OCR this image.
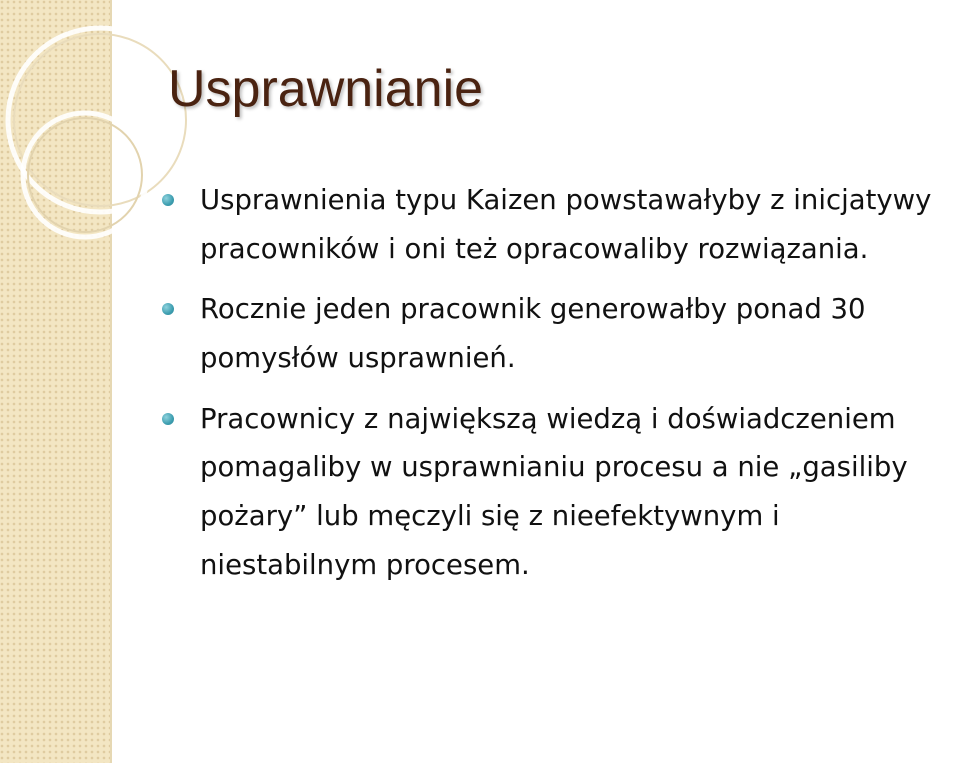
Usprawnianie
Usprawnienia typu Kaizen powstawałyby z inicjatywy pracowników i oni też opracowaliby rozwiązania.
Rocznie jeden pracownik generowałby ponad 30 pomysłów usprawnień.
Pracownicy z największą wiedzą i doświadczeniem pomagaliby w usprawnianiu procesu a nie „gasiliby pożary” lub męczyli się z nieefektywnym i niestabilnym procesem.
